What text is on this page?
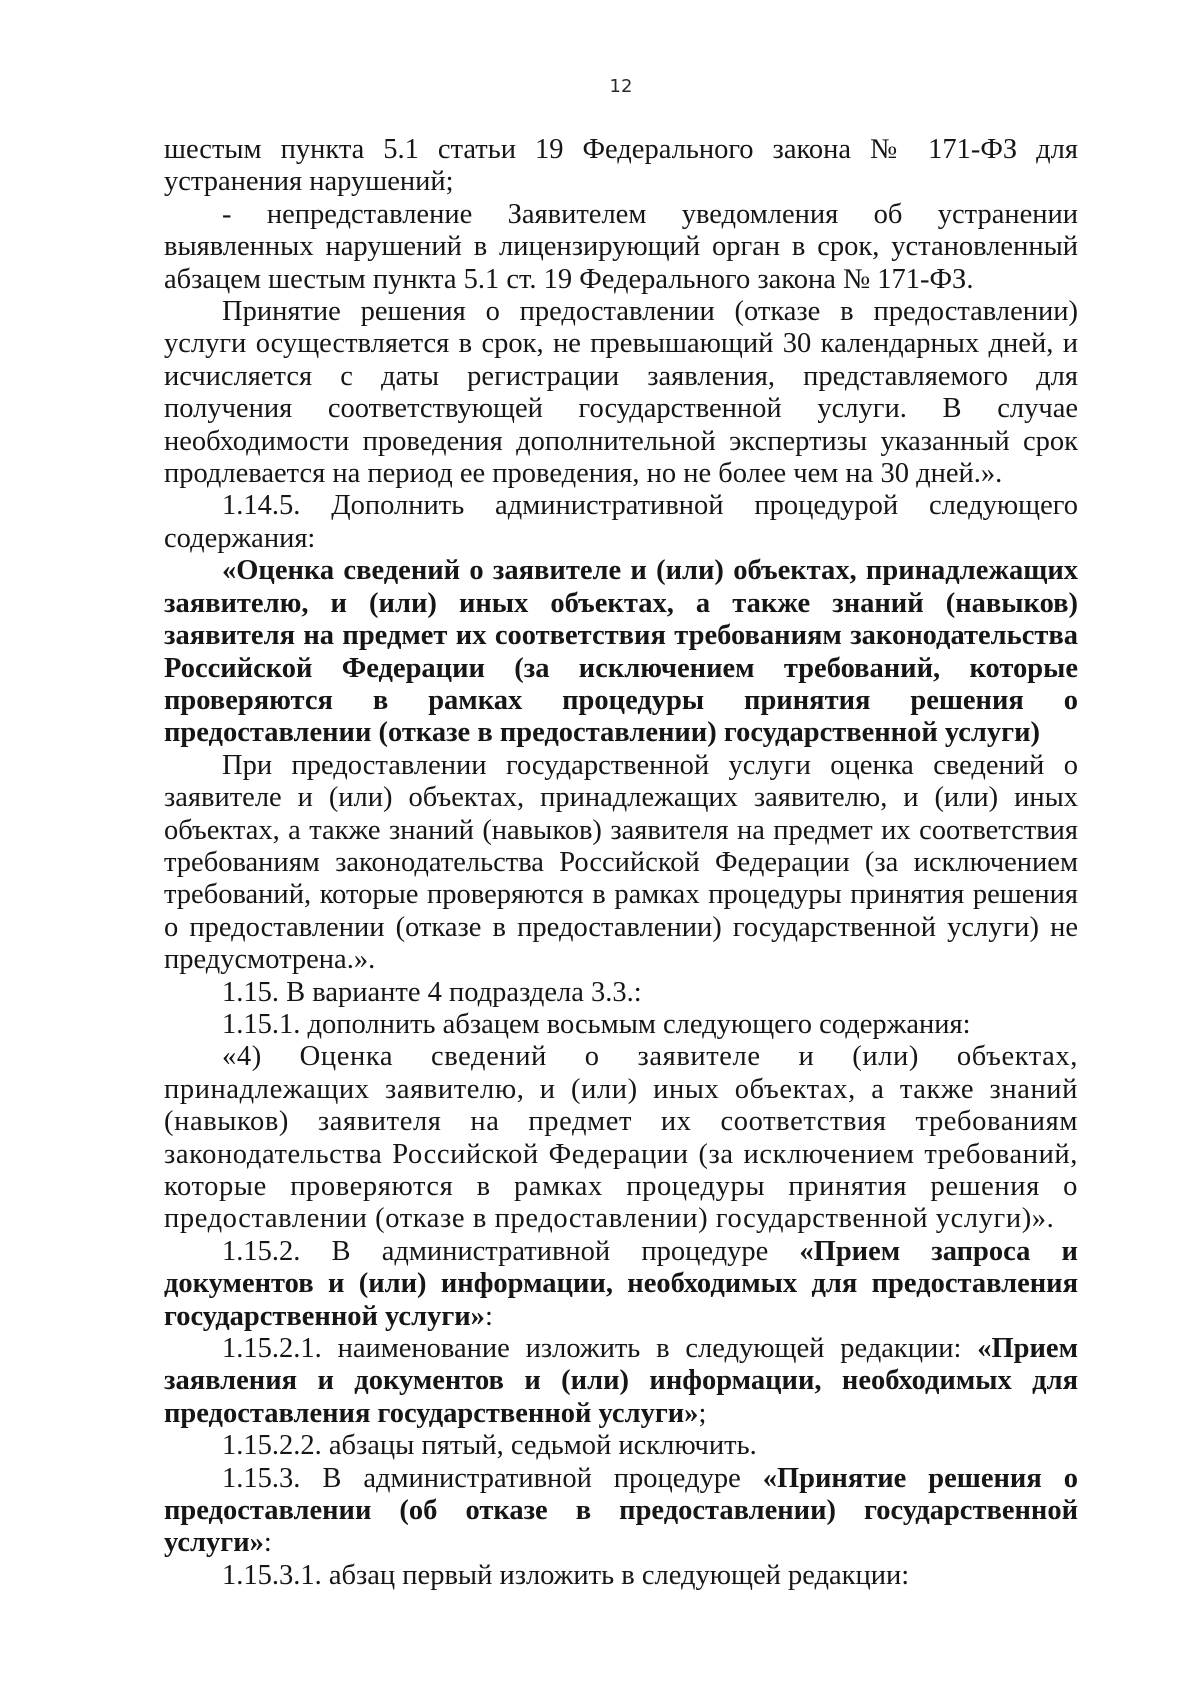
12

шестым пункта 5.1 статьи 19 Федерального закона № 171-ФЗ для устранения нарушений;

- непредставление Заявителем уведомления об устранении выявленных нарушений в лицензирующий орган в срок, установленный абзацем шестым пункта 5.1 ст. 19 Федерального закона № 171-ФЗ.

Принятие решения о предоставлении (отказе в предоставлении) услуги осуществляется в срок, не превышающий 30 календарных дней, и исчисляется с даты регистрации заявления, представляемого для получения соответствующей государственной услуги. В случае необходимости проведения дополнительной экспертизы указанный срок продлевается на период ее проведения, но не более чем на 30 дней.».

1.14.5. Дополнить административной процедурой следующего содержания:

«Оценка сведений о заявителе и (или) объектах, принадлежащих заявителю, и (или) иных объектах, а также знаний (навыков) заявителя на предмет их соответствия требованиям законодательства Российской Федерации (за исключением требований, которые проверяются в рамках процедуры принятия решения о предоставлении (отказе в предоставлении) государственной услуги)

При предоставлении государственной услуги оценка сведений о заявителе и (или) объектах, принадлежащих заявителю, и (или) иных объектах, а также знаний (навыков) заявителя на предмет их соответствия требованиям законодательства Российской Федерации (за исключением требований, которые проверяются в рамках процедуры принятия решения о предоставлении (отказе в предоставлении) государственной услуги) не предусмотрена.».

1.15. В варианте 4 подраздела 3.3.:

1.15.1. дополнить абзацем восьмым следующего содержания:

«4) Оценка сведений о заявителе и (или) объектах, принадлежащих заявителю, и (или) иных объектах, а также знаний (навыков) заявителя на предмет их соответствия требованиям законодательства Российской Федерации (за исключением требований, которые проверяются в рамках процедуры принятия решения о предоставлении (отказе в предоставлении) государственной услуги)».

1.15.2. В административной процедуре «Прием запроса и документов и (или) информации, необходимых для предоставления государственной услуги»:

1.15.2.1. наименование изложить в следующей редакции: «Прием заявления и документов и (или) информации, необходимых для предоставления государственной услуги»;

1.15.2.2. абзацы пятый, седьмой исключить.

1.15.3. В административной процедуре «Принятие решения о предоставлении (об отказе в предоставлении) государственной услуги»:

1.15.3.1. абзац первый изложить в следующей редакции:
